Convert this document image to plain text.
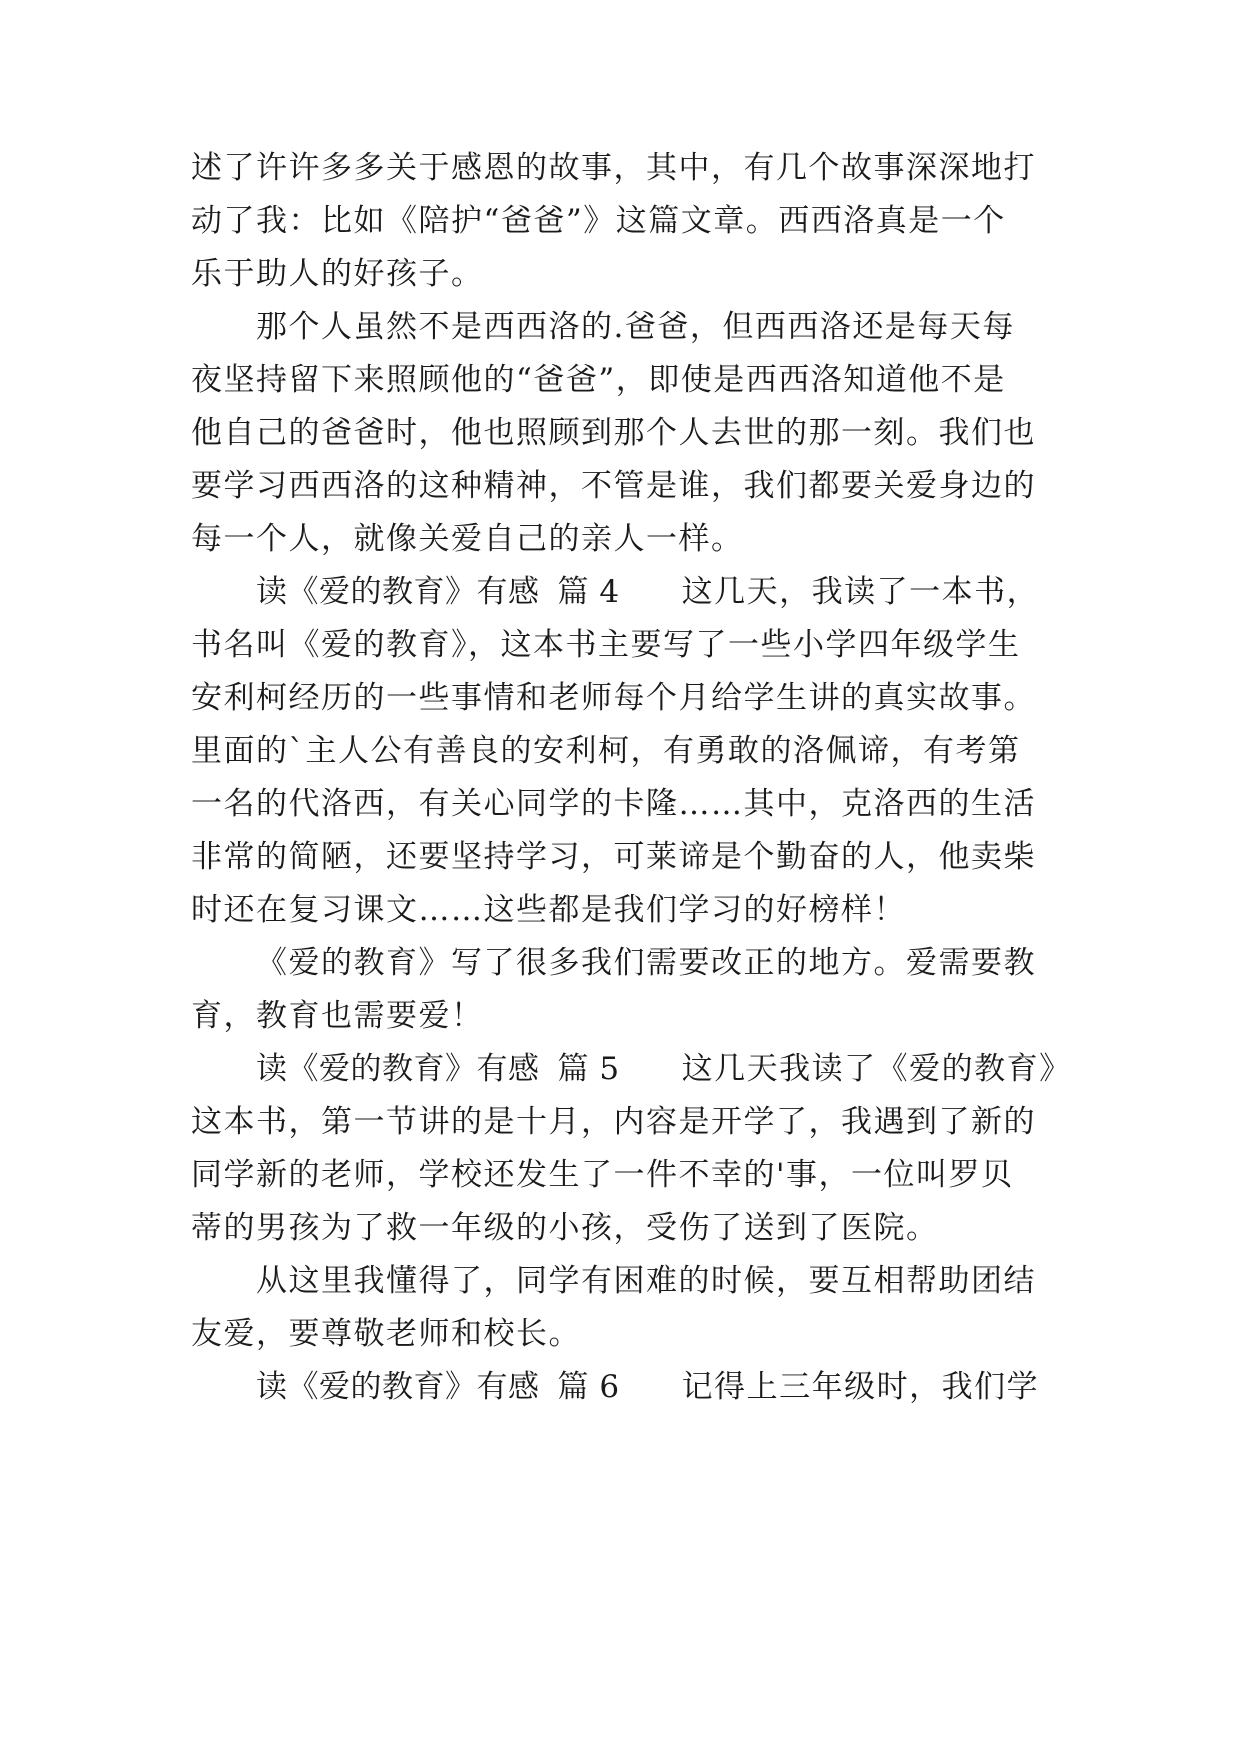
述了许许多多关于感恩的故事，其中，有几个故事深深地打
动了我：比如《陪护“爸爸”》这篇文章。西西洛真是一个
乐于助人的好孩子。
那个人虽然不是西西洛的.爸爸，但西西洛还是每天每
夜坚持留下来照顾他的“爸爸”，即使是西西洛知道他不是
他自己的爸爸时，他也照顾到那个人去世的那一刻。我们也
要学习西西洛的这种精神，不管是谁，我们都要关爱身边的
每一个人，就像关爱自己的亲人一样。
读《爱的教育》有感 篇 4 这几天，我读了一本书，
书名叫《爱的教育》，这本书主要写了一些小学四年级学生
安利柯经历的一些事情和老师每个月给学生讲的真实故事。
里面的`主人公有善良的安利柯，有勇敢的洛佩谛，有考第
一名的代洛西，有关心同学的卡隆……其中，克洛西的生活
非常的简陋，还要坚持学习，可莱谛是个勤奋的人，他卖柴
时还在复习课文……这些都是我们学习的好榜样！
《爱的教育》写了很多我们需要改正的地方。爱需要教
育，教育也需要爱！
读《爱的教育》有感 篇 5 这几天我读了《爱的教育》
这本书，第一节讲的是十月，内容是开学了，我遇到了新的
同学新的老师，学校还发生了一件不幸的'事，一位叫罗贝
蒂的男孩为了救一年级的小孩，受伤了送到了医院。
从这里我懂得了，同学有困难的时候，要互相帮助团结
友爱，要尊敬老师和校长。
读《爱的教育》有感 篇 6 记得上三年级时，我们学
